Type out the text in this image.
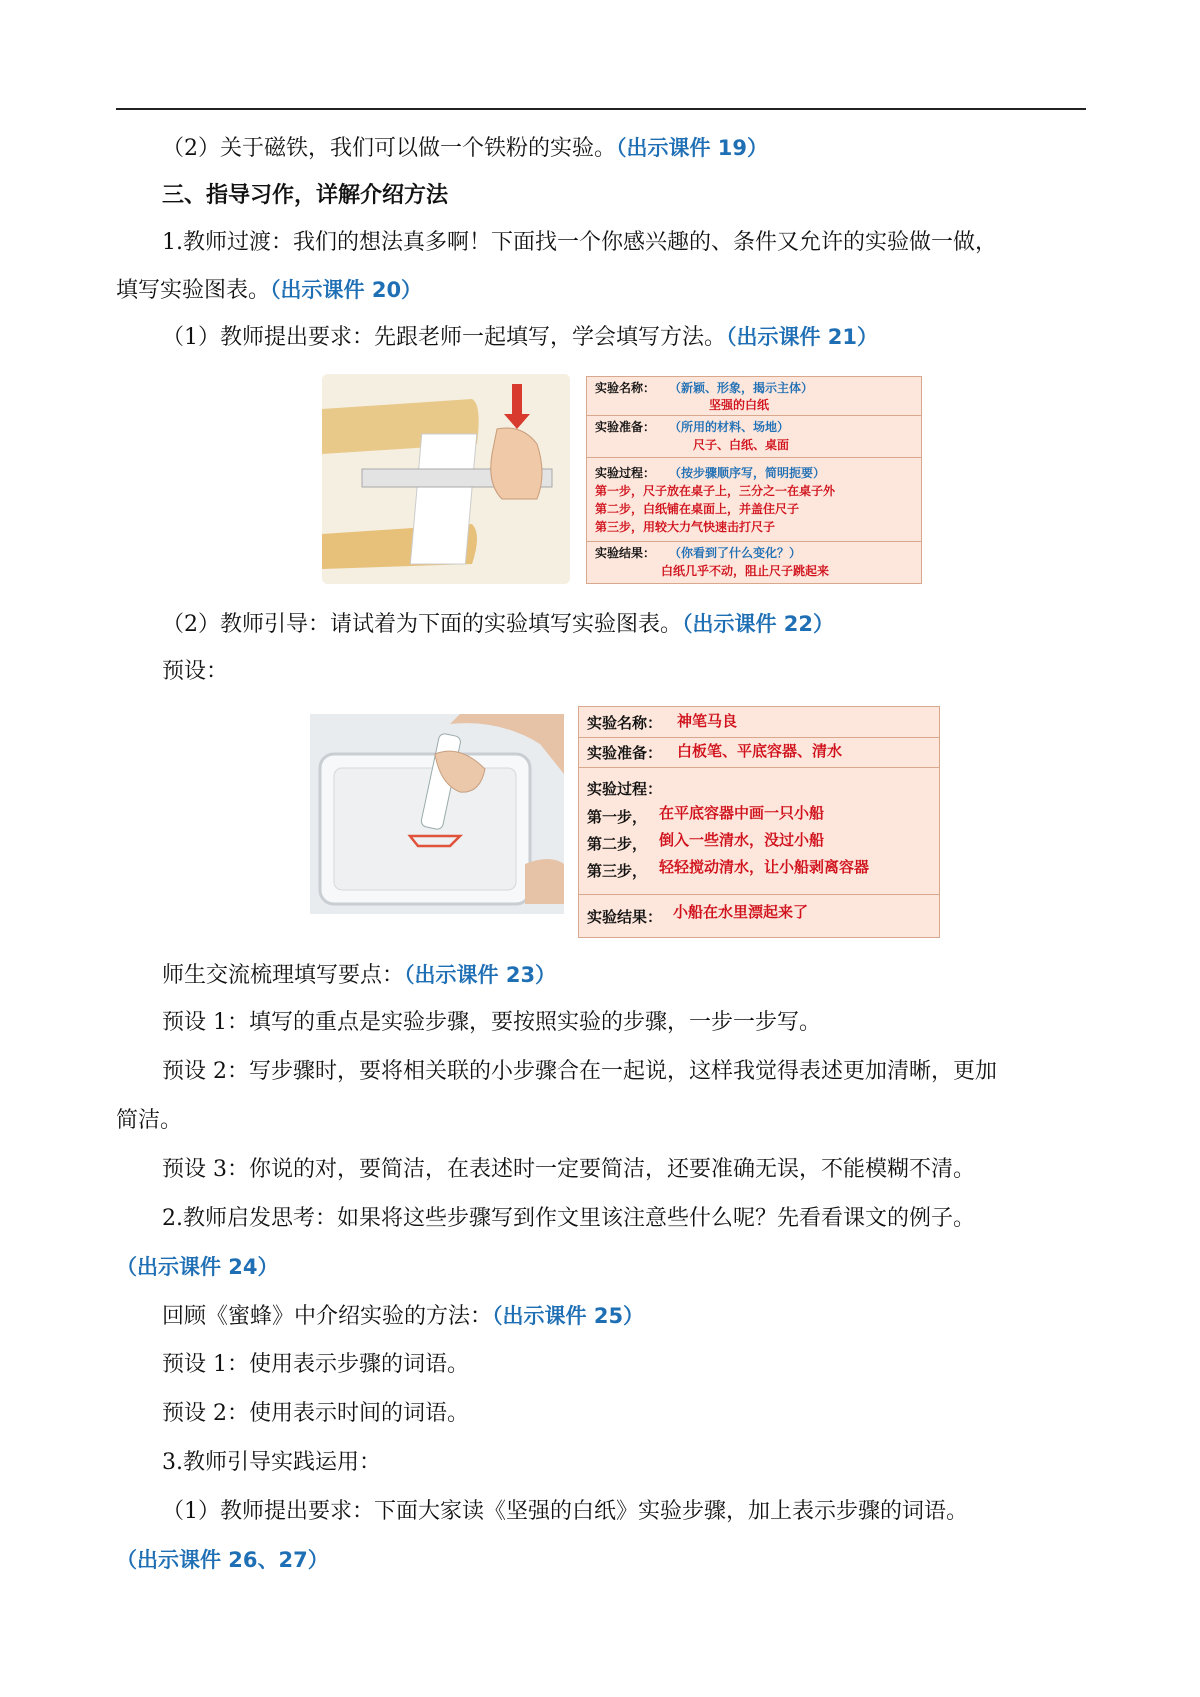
（2）关于磁铁，我们可以做一个铁粉的实验。（出示课件 19）
三、指导习作，详解介绍方法
1.教师过渡：我们的想法真多啊！下面找一个你感兴趣的、条件又允许的实验做一做，
填写实验图表。（出示课件 20）
（1）教师提出要求：先跟老师一起填写，学会填写方法。（出示课件 21）
实验名称： （新颖、形象，揭示主体）
坚强的白纸
实验准备： （所用的材料、场地）
尺子、白纸、桌面
实验过程： （按步骤顺序写，简明扼要）
第一步，尺子放在桌子上，三分之一在桌子外
第二步，白纸铺在桌面上，并盖住尺子
第三步，用较大力气快速击打尺子
实验结果： （你看到了什么变化？）
白纸几乎不动，阻止尺子跳起来
（2）教师引导：请试着为下面的实验填写实验图表。（出示课件 22）
预设：
实验名称： 神笔马良
实验准备： 白板笔、平底容器、清水
实验过程：
第一步， 在平底容器中画一只小船
第二步， 倒入一些清水，没过小船
第三步， 轻轻搅动清水，让小船剥离容器
实验结果： 小船在水里漂起来了
师生交流梳理填写要点：（出示课件 23）
预设 1：填写的重点是实验步骤，要按照实验的步骤，一步一步写。
预设 2：写步骤时，要将相关联的小步骤合在一起说，这样我觉得表述更加清晰，更加
简洁。
预设 3：你说的对，要简洁，在表述时一定要简洁，还要准确无误，不能模糊不清。
2.教师启发思考：如果将这些步骤写到作文里该注意些什么呢？先看看课文的例子。
（出示课件 24）
回顾《蜜蜂》中介绍实验的方法：（出示课件 25）
预设 1：使用表示步骤的词语。
预设 2：使用表示时间的词语。
3.教师引导实践运用：
（1）教师提出要求：下面大家读《坚强的白纸》实验步骤，加上表示步骤的词语。
（出示课件 26、27）
